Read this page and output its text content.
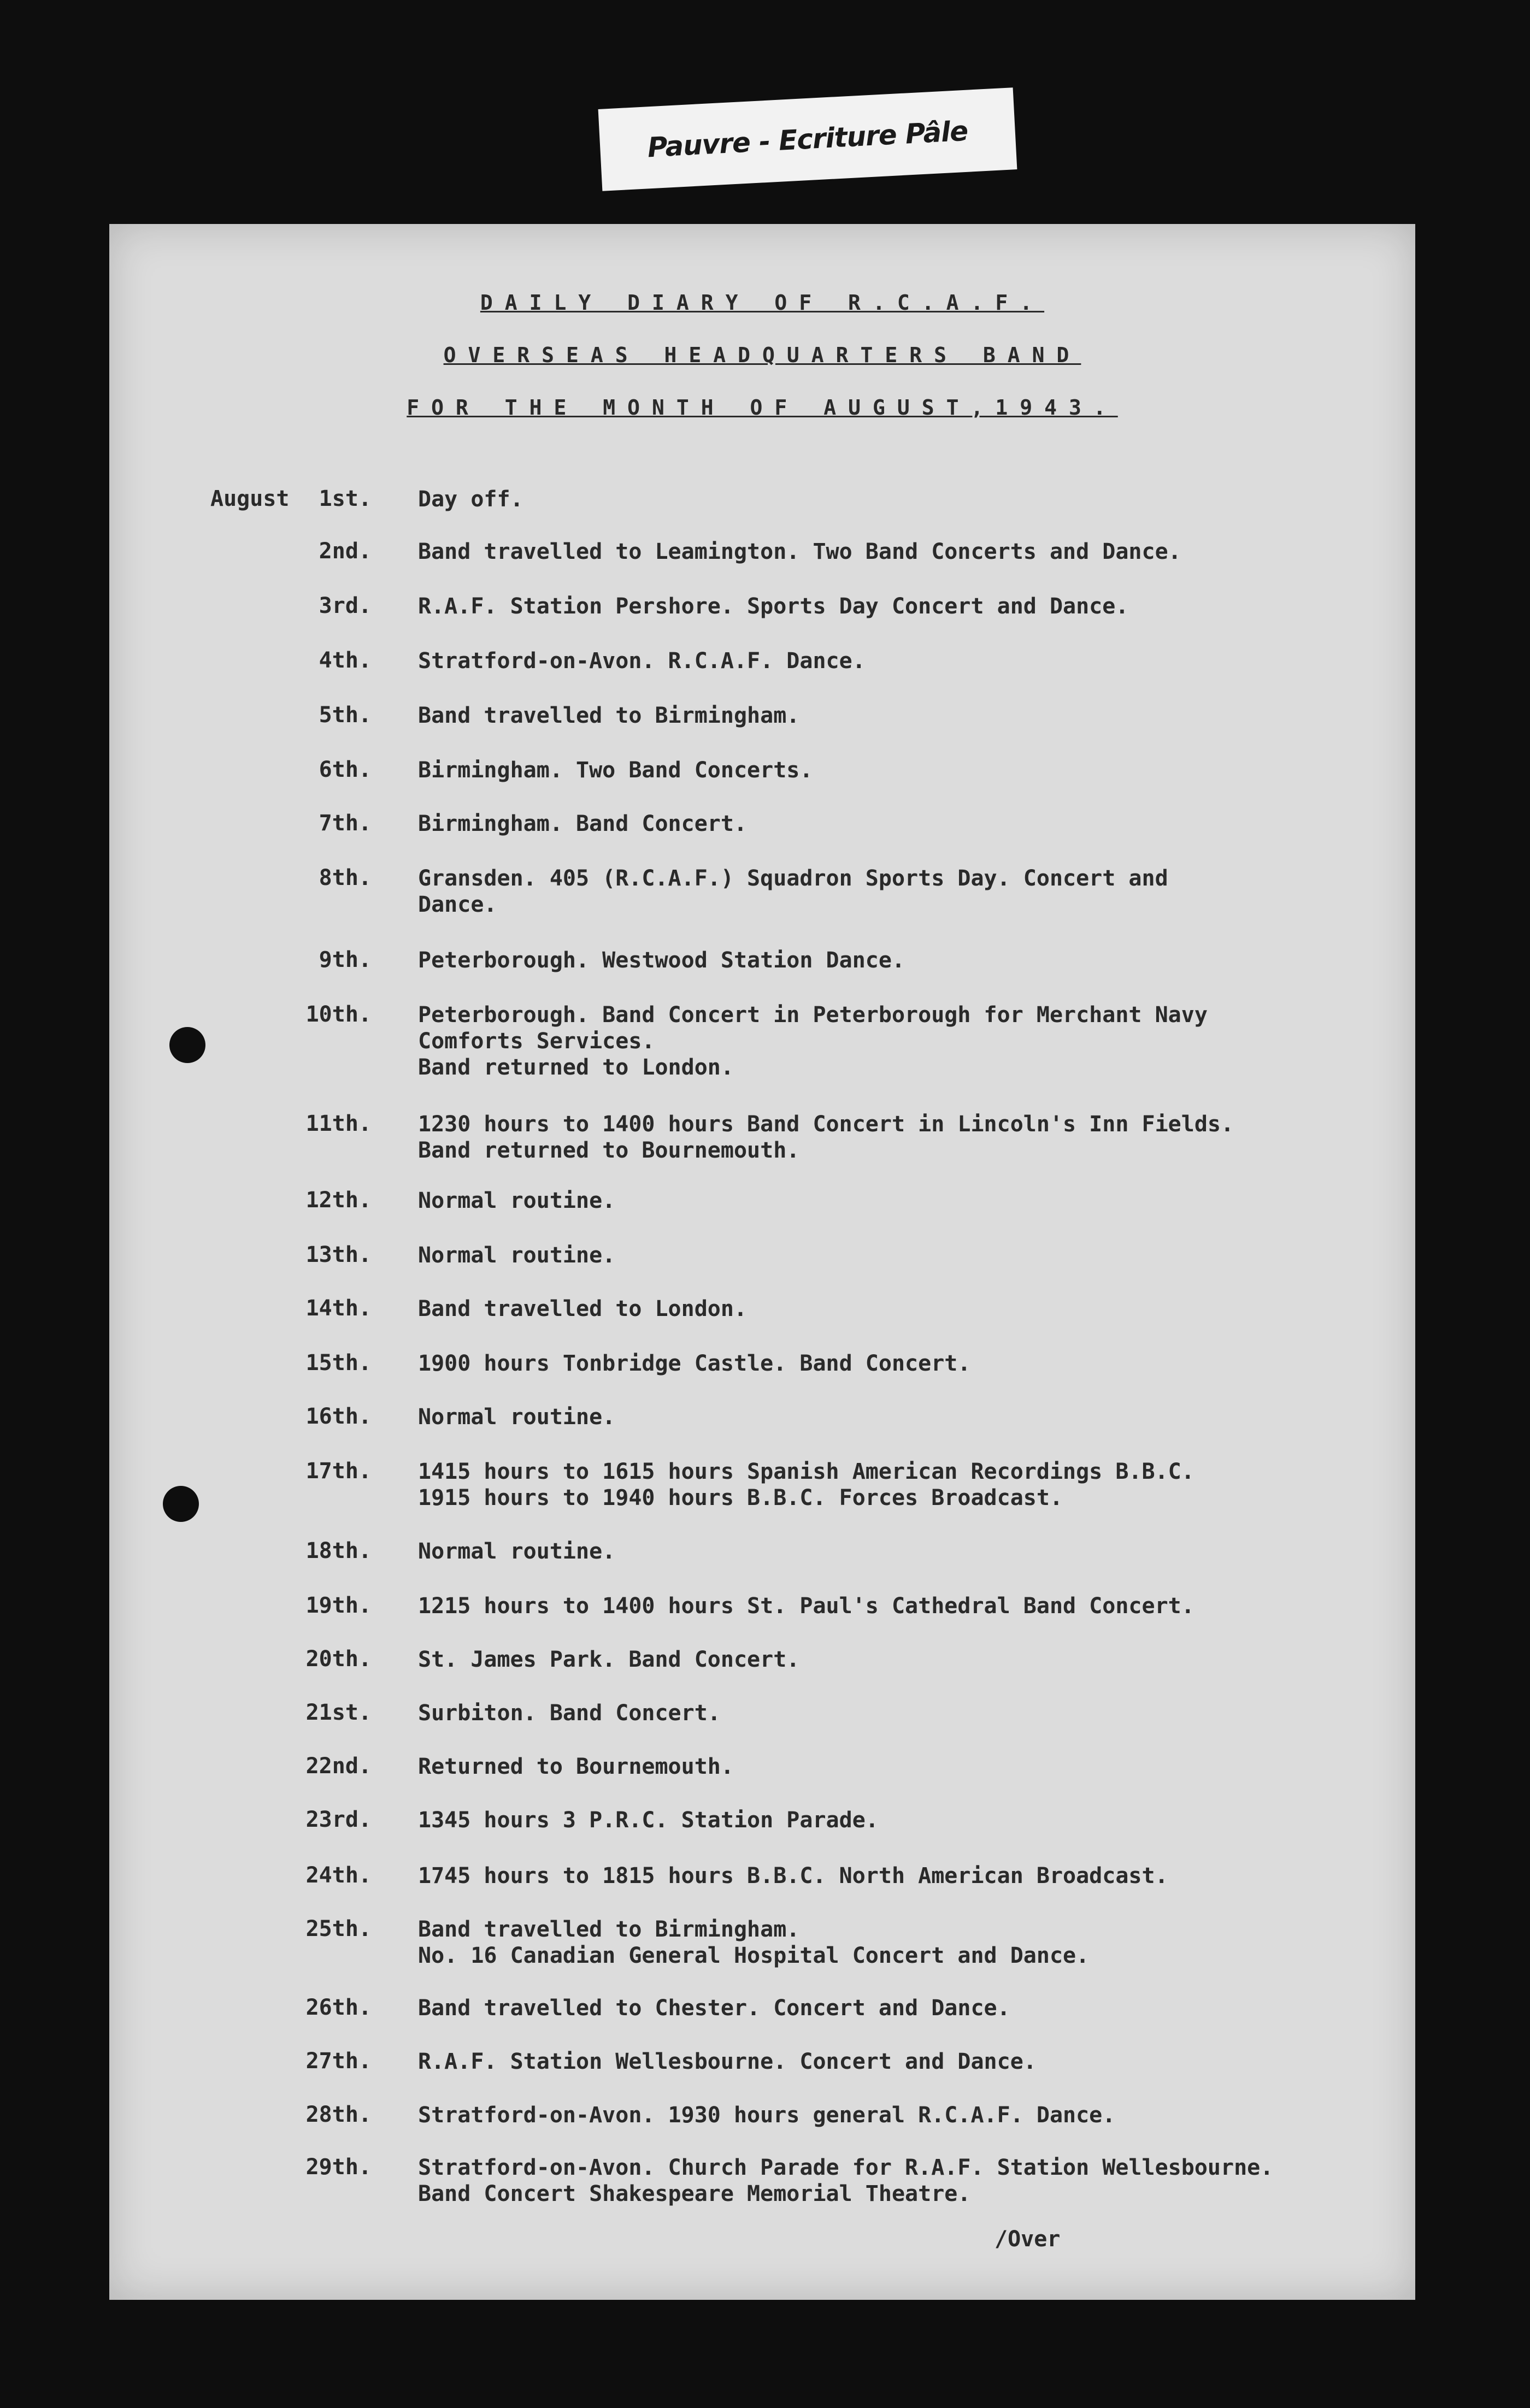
Pauvre - Ecriture Pâle
DAILY DIARY OF R.C.A.F.
OVERSEAS HEADQUARTERS BAND
FOR THE MONTH OF AUGUST,1943.
August	1st. Day off.
2nd. Band travelled to Leamington. Two Band Concerts and Dance.
3rd. R.A.F. Station Pershore. Sports Day Concert and Dance.
4th. Stratford-on-Avon. R.C.A.F. Dance.
5th. Band travelled to Birmingham.
6th. Birmingham. Two Band Concerts.
7th. Birmingham. Band Concert.
8th. Gransden. 405 (R.C.A.F.) Squadron Sports Day. Concert and
Dance.
9th. Peterborough. Westwood Station Dance.
10th. Peterborough. Band Concert in Peterborough for Merchant Navy
Comforts Services.
Band returned to London.
11th. 1230 hours to 1400 hours Band Concert in Lincoln's Inn Fields.
Band returned to Bournemouth.
12th. Normal routine.
13th. Normal routine.
14th. Band travelled to London.
15th. 1900 hours Tonbridge Castle. Band Concert.
16th. Normal routine.
17th. 1415 hours to 1615 hours Spanish American Recordings B.B.C.
1915 hours to 1940 hours B.B.C. Forces Broadcast.
18th. Normal routine.
19th. 1215 hours to 1400 hours St. Paul's Cathedral Band Concert.
20th. St. James Park. Band Concert.
21st. Surbiton. Band Concert.
22nd. Returned to Bournemouth.
23rd. 1345 hours 3 P.R.C. Station Parade.
24th. 1745 hours to 1815 hours B.B.C. North American Broadcast.
25th. Band travelled to Birmingham.
No. 16 Canadian General Hospital Concert and Dance.
26th. Band travelled to Chester. Concert and Dance.
27th. R.A.F. Station Wellesbourne. Concert and Dance.
28th. Stratford-on-Avon. 1930 hours general R.C.A.F. Dance.
29th. Stratford-on-Avon. Church Parade for R.A.F. Station Wellesbourne.
Band Concert Shakespeare Memorial Theatre.
/Over
